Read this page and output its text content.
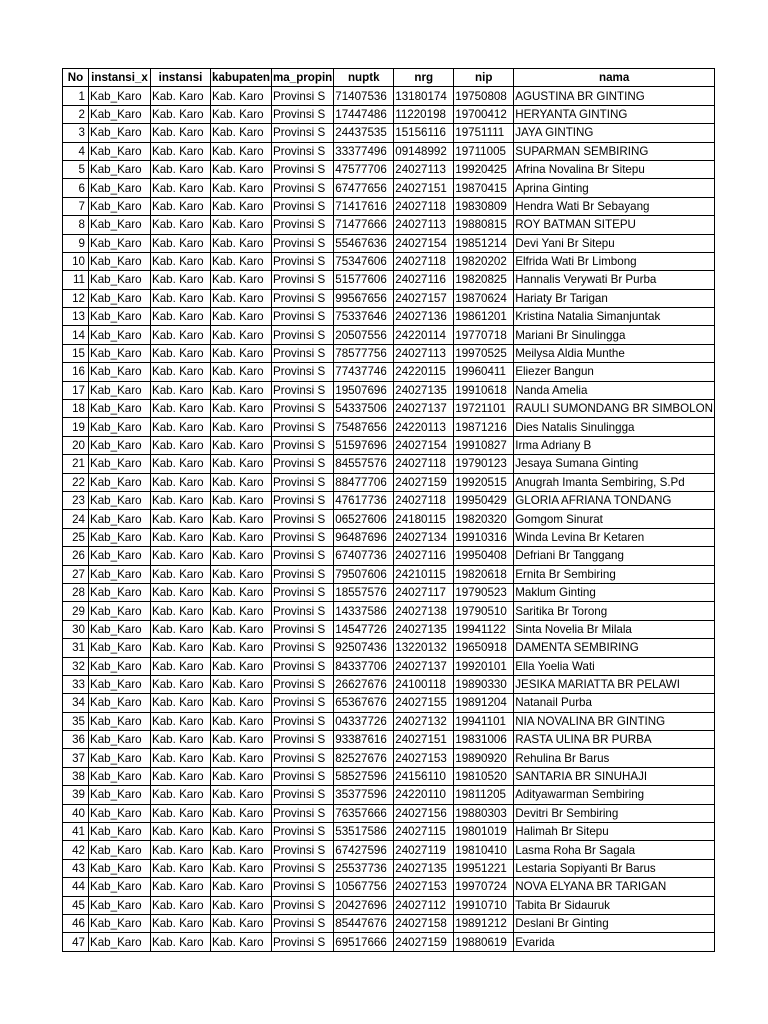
No	instansi_x	instansi	kabupaten	ma_propin	nuptk	nrg	nip	nama
1	Kab_Karo	Kab. Karo	Kab. Karo	Provinsi S	71407536	13180174	19750808	AGUSTINA BR GINTING
2	Kab_Karo	Kab. Karo	Kab. Karo	Provinsi S	17447486	11220198	19700412	HERYANTA GINTING
3	Kab_Karo	Kab. Karo	Kab. Karo	Provinsi S	24437535	15156116	19751111	JAYA GINTING
4	Kab_Karo	Kab. Karo	Kab. Karo	Provinsi S	33377496	09148992	19711005	SUPARMAN SEMBIRING
5	Kab_Karo	Kab. Karo	Kab. Karo	Provinsi S	47577706	24027113	19920425	Afrina Novalina Br Sitepu
6	Kab_Karo	Kab. Karo	Kab. Karo	Provinsi S	67477656	24027151	19870415	Aprina Ginting
7	Kab_Karo	Kab. Karo	Kab. Karo	Provinsi S	71417616	24027118	19830809	Hendra Wati Br Sebayang
8	Kab_Karo	Kab. Karo	Kab. Karo	Provinsi S	71477666	24027113	19880815	ROY BATMAN SITEPU
9	Kab_Karo	Kab. Karo	Kab. Karo	Provinsi S	55467636	24027154	19851214	Devi Yani Br Sitepu
10	Kab_Karo	Kab. Karo	Kab. Karo	Provinsi S	75347606	24027118	19820202	Elfrida Wati Br Limbong
11	Kab_Karo	Kab. Karo	Kab. Karo	Provinsi S	51577606	24027116	19820825	Hannalis Verywati Br Purba
12	Kab_Karo	Kab. Karo	Kab. Karo	Provinsi S	99567656	24027157	19870624	Hariaty Br Tarigan
13	Kab_Karo	Kab. Karo	Kab. Karo	Provinsi S	75337646	24027136	19861201	Kristina Natalia Simanjuntak
14	Kab_Karo	Kab. Karo	Kab. Karo	Provinsi S	20507556	24220114	19770718	Mariani Br Sinulingga
15	Kab_Karo	Kab. Karo	Kab. Karo	Provinsi S	78577756	24027113	19970525	Meilysa Aldia Munthe
16	Kab_Karo	Kab. Karo	Kab. Karo	Provinsi S	77437746	24220115	19960411	Eliezer Bangun
17	Kab_Karo	Kab. Karo	Kab. Karo	Provinsi S	19507696	24027135	19910618	Nanda Amelia
18	Kab_Karo	Kab. Karo	Kab. Karo	Provinsi S	54337506	24027137	19721101	RAULI SUMONDANG BR SIMBOLON
19	Kab_Karo	Kab. Karo	Kab. Karo	Provinsi S	75487656	24220113	19871216	Dies Natalis Sinulingga
20	Kab_Karo	Kab. Karo	Kab. Karo	Provinsi S	51597696	24027154	19910827	Irma Adriany B
21	Kab_Karo	Kab. Karo	Kab. Karo	Provinsi S	84557576	24027118	19790123	Jesaya Sumana Ginting
22	Kab_Karo	Kab. Karo	Kab. Karo	Provinsi S	88477706	24027159	19920515	Anugrah Imanta Sembiring, S.Pd
23	Kab_Karo	Kab. Karo	Kab. Karo	Provinsi S	47617736	24027118	19950429	GLORIA AFRIANA TONDANG
24	Kab_Karo	Kab. Karo	Kab. Karo	Provinsi S	06527606	24180115	19820320	Gomgom Sinurat
25	Kab_Karo	Kab. Karo	Kab. Karo	Provinsi S	96487696	24027134	19910316	Winda Levina Br Ketaren
26	Kab_Karo	Kab. Karo	Kab. Karo	Provinsi S	67407736	24027116	19950408	Defriani Br Tanggang
27	Kab_Karo	Kab. Karo	Kab. Karo	Provinsi S	79507606	24210115	19820618	Ernita Br Sembiring
28	Kab_Karo	Kab. Karo	Kab. Karo	Provinsi S	18557576	24027117	19790523	Maklum Ginting
29	Kab_Karo	Kab. Karo	Kab. Karo	Provinsi S	14337586	24027138	19790510	Saritika Br Torong
30	Kab_Karo	Kab. Karo	Kab. Karo	Provinsi S	14547726	24027135	19941122	Sinta Novelia Br Milala
31	Kab_Karo	Kab. Karo	Kab. Karo	Provinsi S	92507436	13220132	19650918	DAMENTA SEMBIRING
32	Kab_Karo	Kab. Karo	Kab. Karo	Provinsi S	84337706	24027137	19920101	Ella Yoelia Wati
33	Kab_Karo	Kab. Karo	Kab. Karo	Provinsi S	26627676	24100118	19890330	JESIKA MARIATTA BR PELAWI
34	Kab_Karo	Kab. Karo	Kab. Karo	Provinsi S	65367676	24027155	19891204	Natanail Purba
35	Kab_Karo	Kab. Karo	Kab. Karo	Provinsi S	04337726	24027132	19941101	NIA NOVALINA BR GINTING
36	Kab_Karo	Kab. Karo	Kab. Karo	Provinsi S	93387616	24027151	19831006	RASTA ULINA BR PURBA
37	Kab_Karo	Kab. Karo	Kab. Karo	Provinsi S	82527676	24027153	19890920	Rehulina Br Barus
38	Kab_Karo	Kab. Karo	Kab. Karo	Provinsi S	58527596	24156110	19810520	SANTARIA BR SINUHAJI
39	Kab_Karo	Kab. Karo	Kab. Karo	Provinsi S	35377596	24220110	19811205	Adityawarman Sembiring
40	Kab_Karo	Kab. Karo	Kab. Karo	Provinsi S	76357666	24027156	19880303	Devitri Br Sembiring
41	Kab_Karo	Kab. Karo	Kab. Karo	Provinsi S	53517586	24027115	19801019	Halimah Br Sitepu
42	Kab_Karo	Kab. Karo	Kab. Karo	Provinsi S	67427596	24027119	19810410	Lasma Roha Br Sagala
43	Kab_Karo	Kab. Karo	Kab. Karo	Provinsi S	25537736	24027135	19951221	Lestaria Sopiyanti Br Barus
44	Kab_Karo	Kab. Karo	Kab. Karo	Provinsi S	10567756	24027153	19970724	NOVA ELYANA BR TARIGAN
45	Kab_Karo	Kab. Karo	Kab. Karo	Provinsi S	20427696	24027112	19910710	Tabita Br Sidauruk
46	Kab_Karo	Kab. Karo	Kab. Karo	Provinsi S	85447676	24027158	19891212	Deslani Br Ginting
47	Kab_Karo	Kab. Karo	Kab. Karo	Provinsi S	69517666	24027159	19880619	Evarida
